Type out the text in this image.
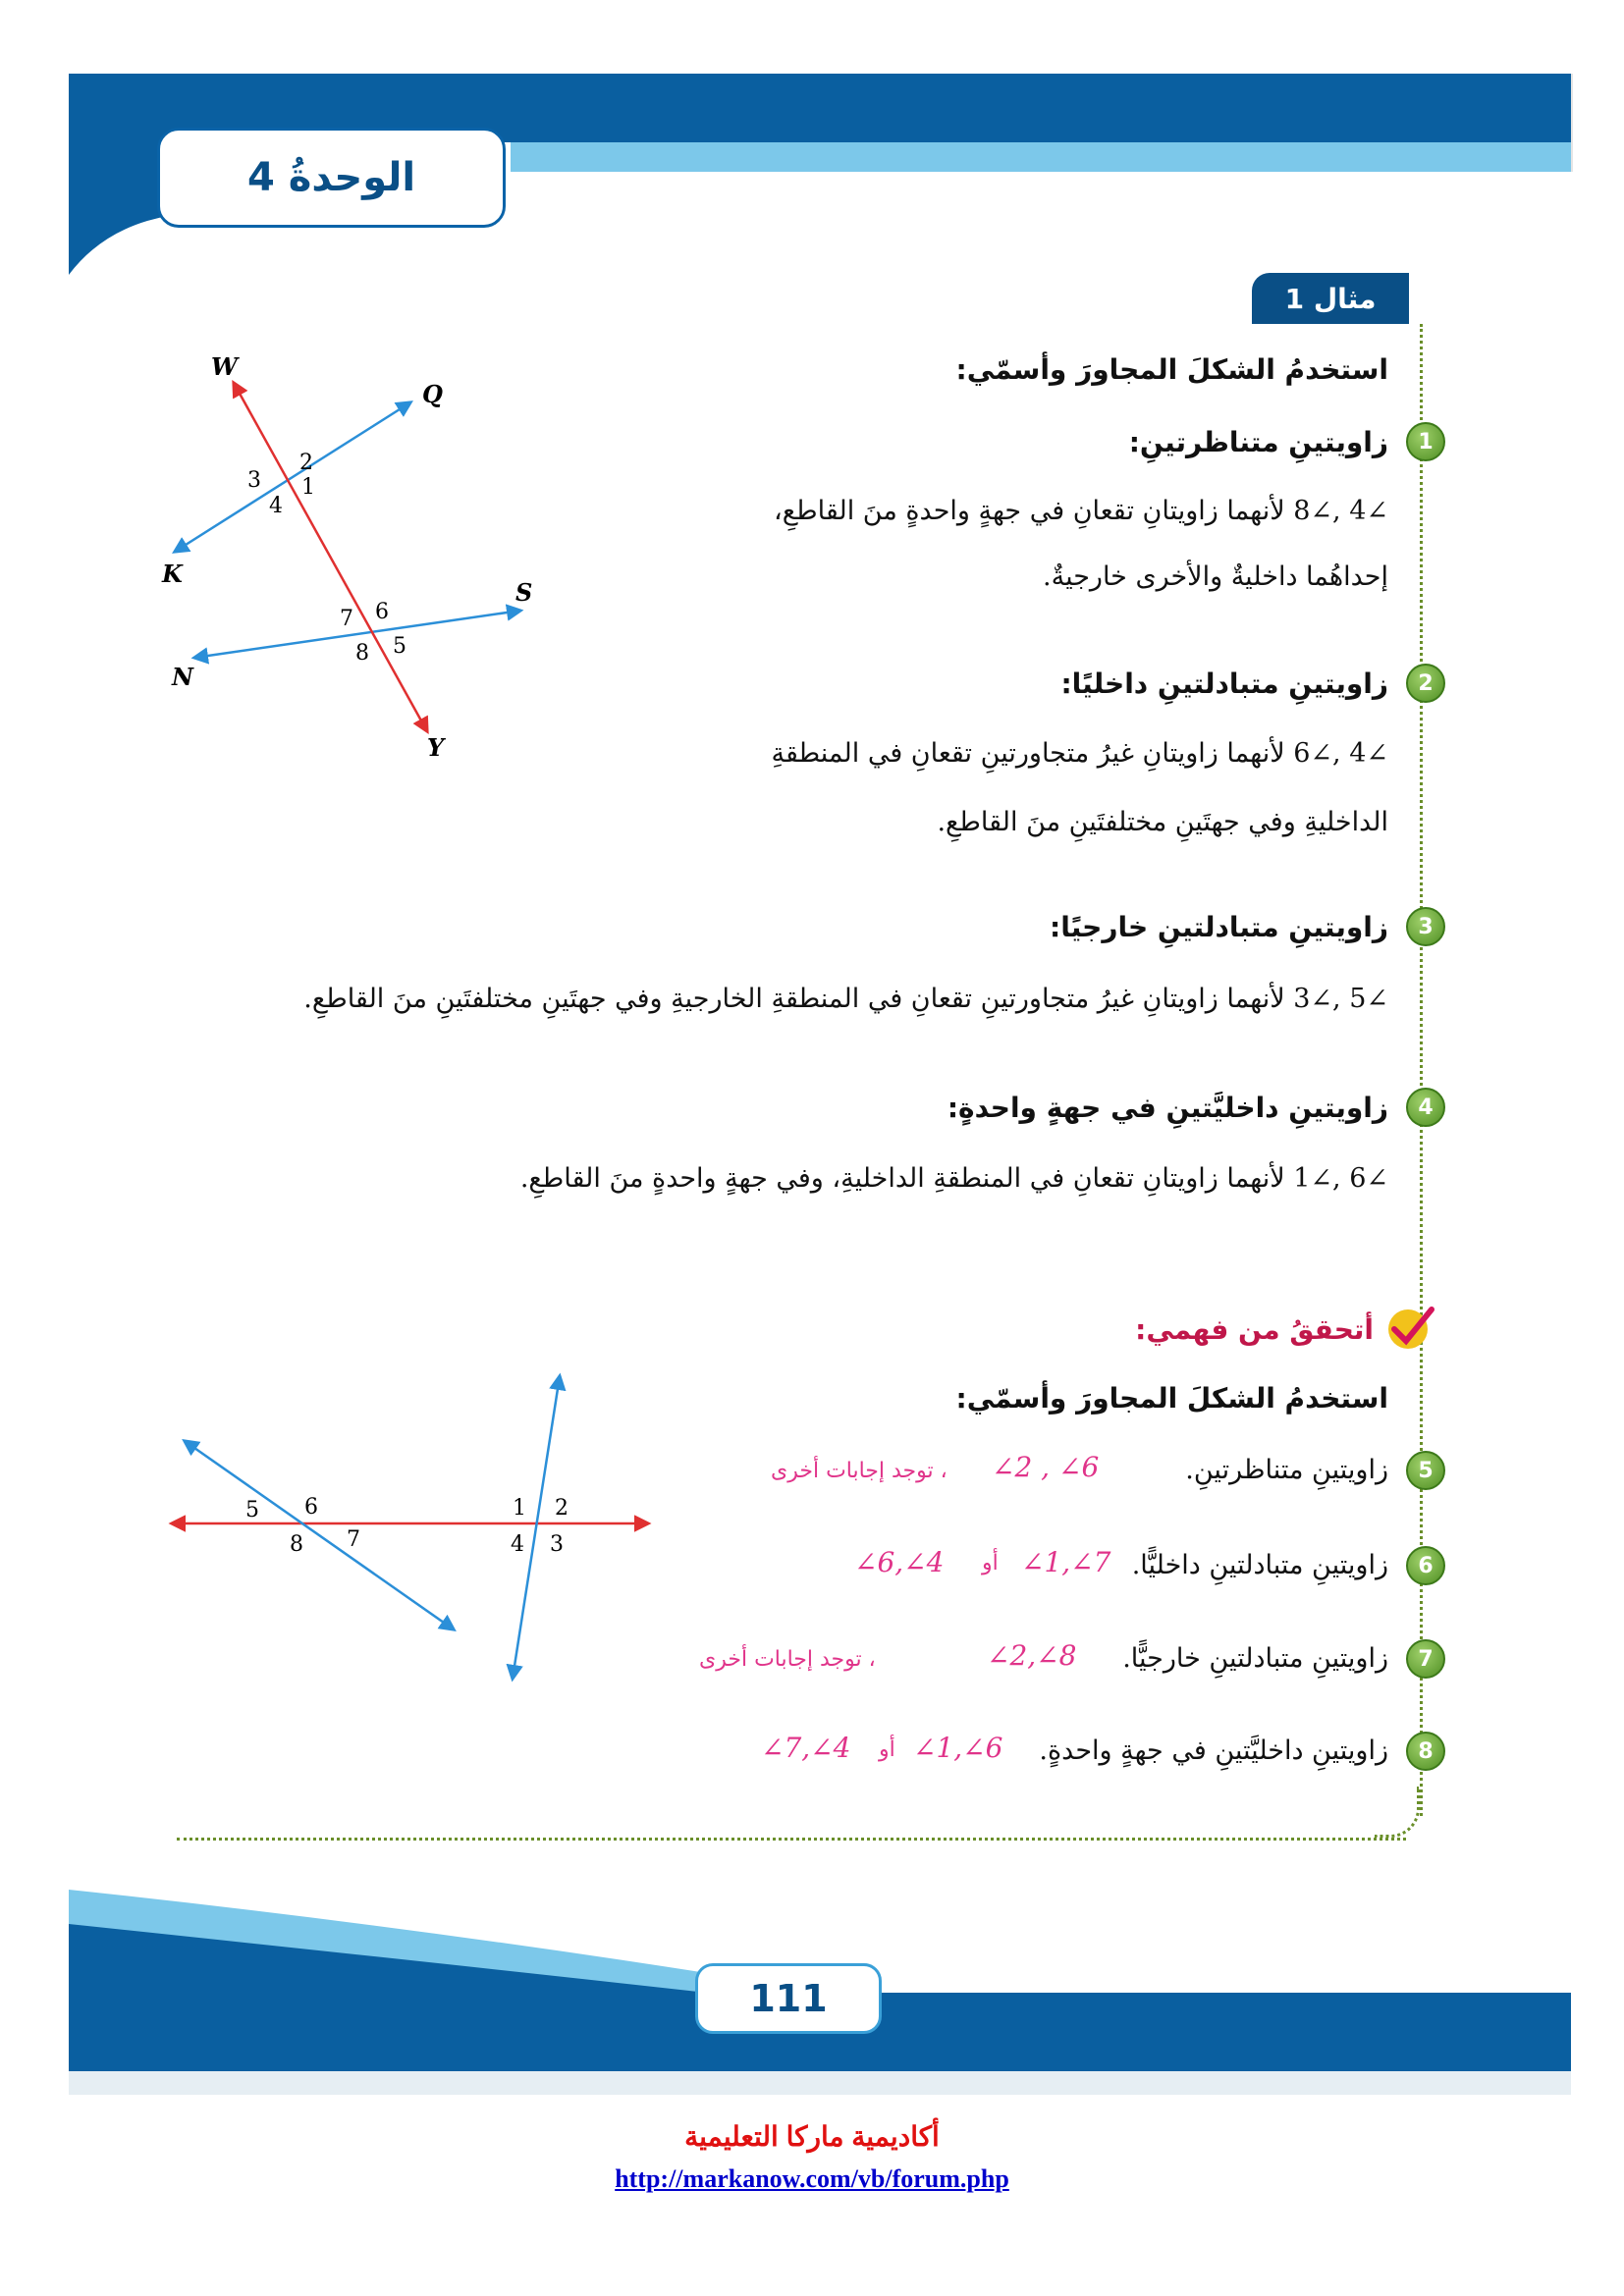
الوحدةُ 4
مثال 1
استخدمُ الشكلَ المجاورَ وأسمّي:
1
زاويتينِ متناظرتينِ:
∠4 ,∠8 لأنهما زاويتانِ تقعانِ في جهةٍ واحدةٍ منَ القاطعِ،
إحداهُما داخليةٌ والأخرى خارجيةٌ.
2
زاويتينِ متبادلتينِ داخليًا:
∠4 ,∠6 لأنهما زاويتانِ غيرُ متجاورتينِ تقعانِ في المنطقةِ
الداخليةِ وفي جهتَينِ مختلفتَينِ منَ القاطعِ.
3
زاويتينِ متبادلتينِ خارجيًا:
∠5 ,∠3 لأنهما زاويتانِ غيرُ متجاورتينِ تقعانِ في المنطقةِ الخارجيةِ وفي جهتَينِ مختلفتَينِ منَ القاطعِ.
4
زاويتينِ داخليَّتينِ في جهةٍ واحدةٍ:
∠6 ,∠1 لأنهما زاويتانِ تقعانِ في المنطقةِ الداخليةِ، وفي جهةٍ واحدةٍ منَ القاطعِ.
W
Q
K
S
N
Y
2
1
3
4
6
7
5
8
أتحققُ من فهمي:
استخدمُ الشكلَ المجاورَ وأسمّي:
5
زاويتينِ متناظرتينِ.
∠2 , ∠6
، توجد إجابات أخرى
6
زاويتينِ متبادلتينِ داخليًّا.
∠1,∠7
أو
∠6,∠4
7
زاويتينِ متبادلتينِ خارجيًّا.
∠2,∠8
، توجد إجابات أخرى
8
زاويتينِ داخليَّتينِ في جهةٍ واحدةٍ.
∠1,∠6
أو
∠7,∠4
1 2
3
4
5 6
7
8
111
أكاديمية ماركا التعليمية
http://markanow.com/vb/forum.php
